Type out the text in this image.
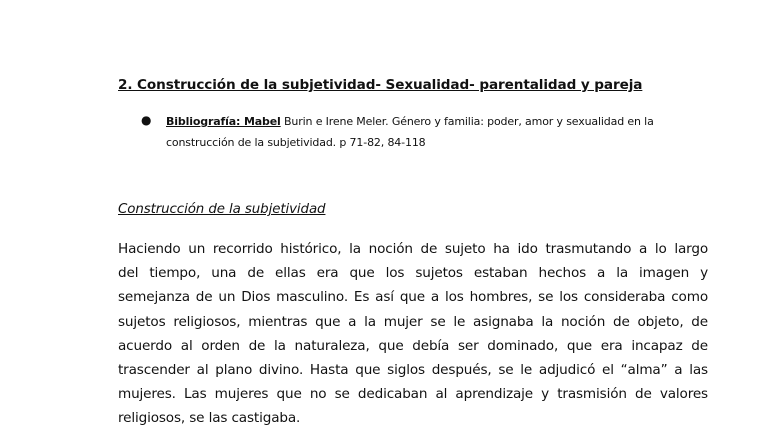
2. Construcción de la subjetividad- Sexualidad- parentalidad y pareja
● Bibliografía: Mabel Burin e Irene Meler. Género y familia: poder, amor y sexualidad en la construcción de la subjetividad. p 71-82, 84-118
Construcción de la subjetividad
Haciendo un recorrido histórico, la noción de sujeto ha ido trasmutando a lo largo
del tiempo, una de ellas era que los sujetos estaban hechos a la imagen y
semejanza de un Dios masculino. Es así que a los hombres, se los consideraba como
sujetos religiosos, mientras que a la mujer se le asignaba la noción de objeto, de
acuerdo al orden de la naturaleza, que debía ser dominado, que era incapaz de
trascender al plano divino. Hasta que siglos después, se le adjudicó el “alma” a las
mujeres. Las mujeres que no se dedicaban al aprendizaje y trasmisión de valores
religiosos, se las castigaba.
